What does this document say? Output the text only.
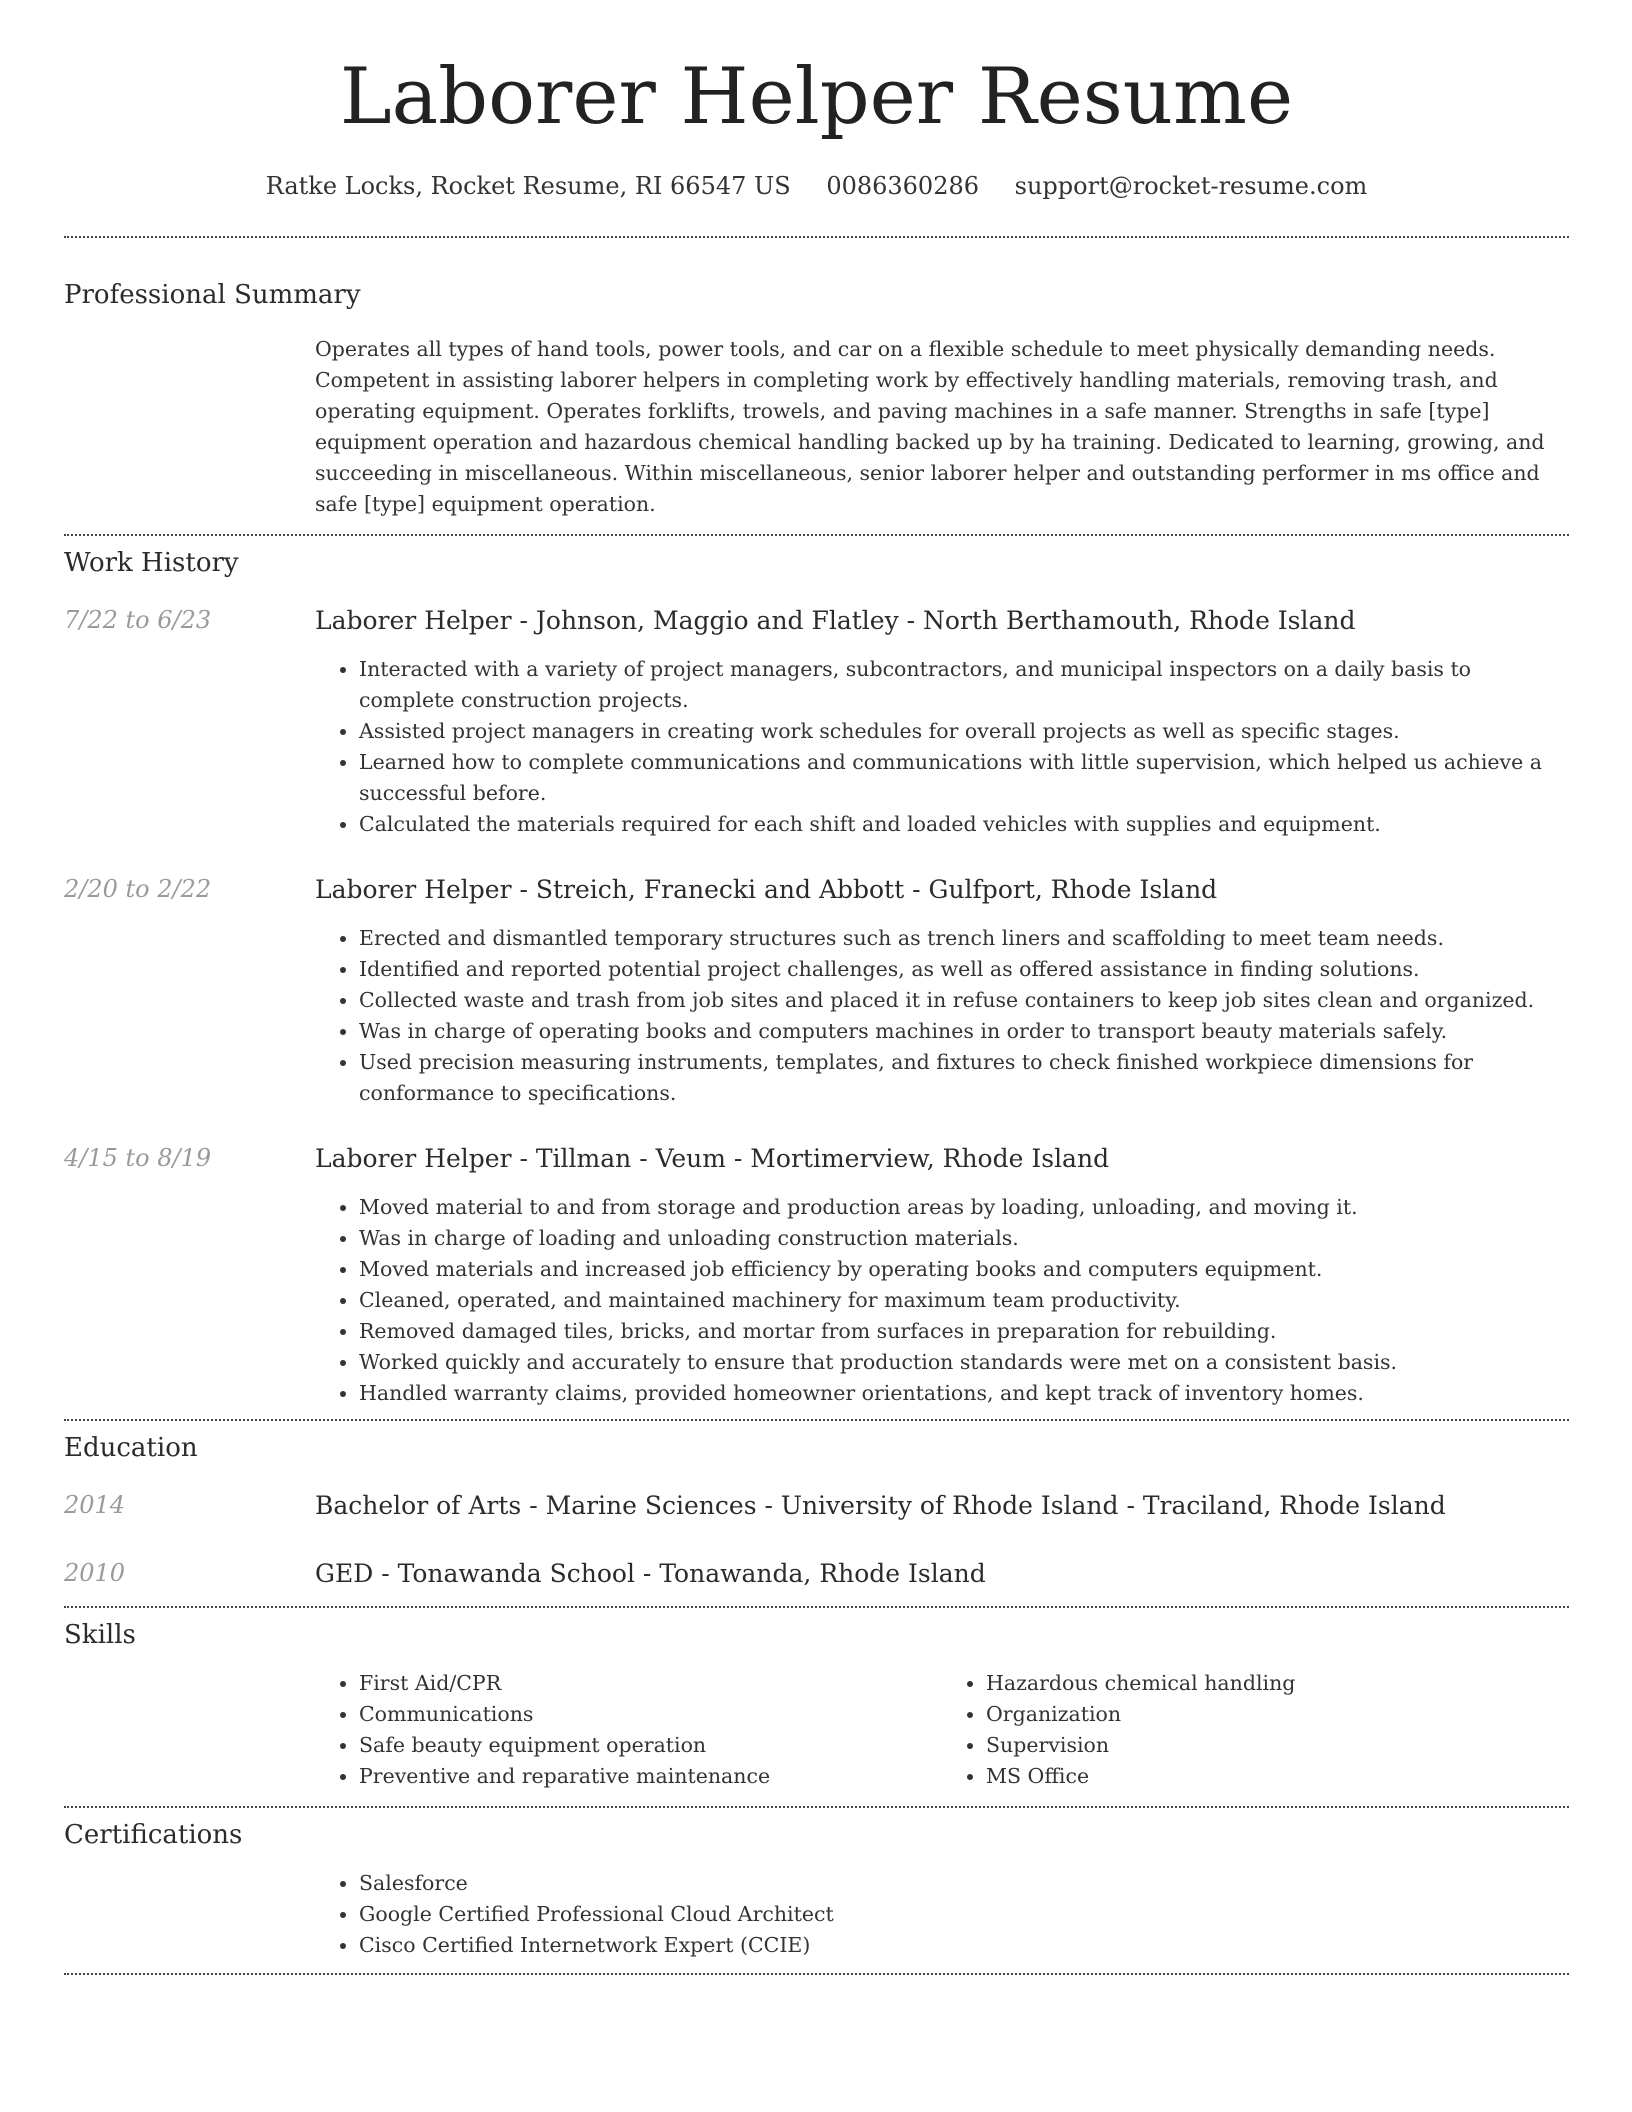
Laborer Helper Resume
Ratke Locks, Rocket Resume, RI 66547 US 0086360286 support@rocket-resume.com
Professional Summary
Operates all types of hand tools, power tools, and car on a flexible schedule to meet physically demanding needs. Competent in assisting laborer helpers in completing work by effectively handling materials, removing trash, and operating equipment. Operates forklifts, trowels, and paving machines in a safe manner. Strengths in safe [type] equipment operation and hazardous chemical handling backed up by ha training. Dedicated to learning, growing, and succeeding in miscellaneous. Within miscellaneous, senior laborer helper and outstanding performer in ms office and safe [type] equipment operation.
Work History
7/22 to 6/23	Laborer Helper - Johnson, Maggio and Flatley - North Berthamouth, Rhode Island
• Interacted with a variety of project managers, subcontractors, and municipal inspectors on a daily basis to complete construction projects.
• Assisted project managers in creating work schedules for overall projects as well as specific stages.
• Learned how to complete communications and communications with little supervision, which helped us achieve a successful before.
• Calculated the materials required for each shift and loaded vehicles with supplies and equipment.
2/20 to 2/22	Laborer Helper - Streich, Franecki and Abbott - Gulfport, Rhode Island
• Erected and dismantled temporary structures such as trench liners and scaffolding to meet team needs.
• Identified and reported potential project challenges, as well as offered assistance in finding solutions.
• Collected waste and trash from job sites and placed it in refuse containers to keep job sites clean and organized.
• Was in charge of operating books and computers machines in order to transport beauty materials safely.
• Used precision measuring instruments, templates, and fixtures to check finished workpiece dimensions for conformance to specifications.
4/15 to 8/19	Laborer Helper - Tillman - Veum - Mortimerview, Rhode Island
• Moved material to and from storage and production areas by loading, unloading, and moving it.
• Was in charge of loading and unloading construction materials.
• Moved materials and increased job efficiency by operating books and computers equipment.
• Cleaned, operated, and maintained machinery for maximum team productivity.
• Removed damaged tiles, bricks, and mortar from surfaces in preparation for rebuilding.
• Worked quickly and accurately to ensure that production standards were met on a consistent basis.
• Handled warranty claims, provided homeowner orientations, and kept track of inventory homes.
Education
2014	Bachelor of Arts - Marine Sciences - University of Rhode Island - Traciland, Rhode Island
2010	GED - Tonawanda School - Tonawanda, Rhode Island
Skills
• First Aid/CPR
• Communications
• Safe beauty equipment operation
• Preventive and reparative maintenance
• Hazardous chemical handling
• Organization
• Supervision
• MS Office
Certifications
• Salesforce
• Google Certified Professional Cloud Architect
• Cisco Certified Internetwork Expert (CCIE)
